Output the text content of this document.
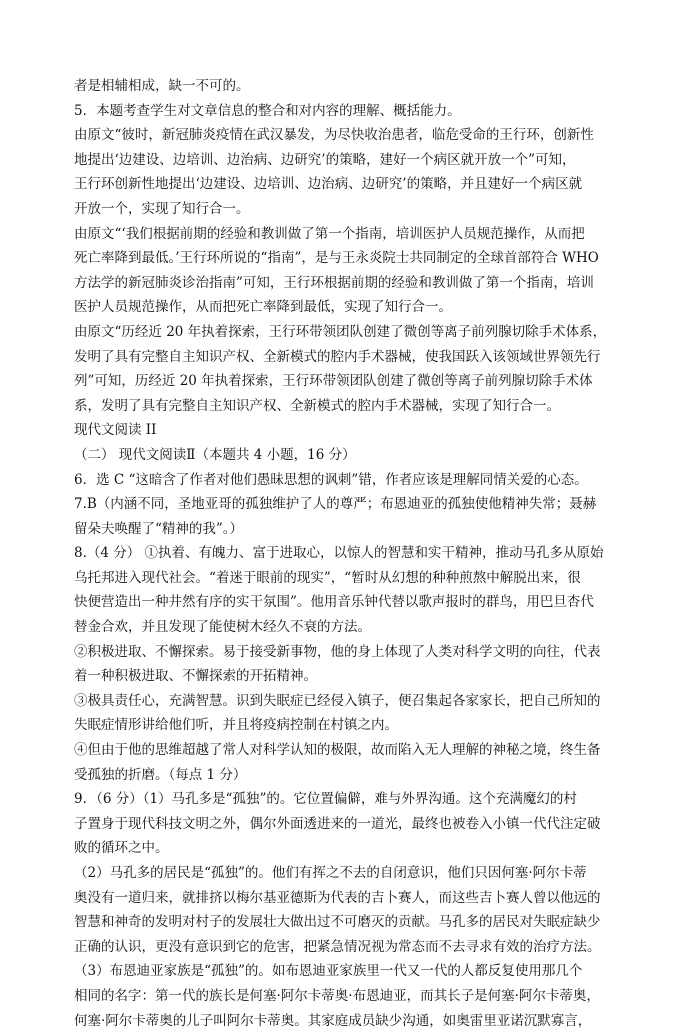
者是相辅相成，缺一不可的。
5．本题考查学生对文章信息的整合和对内容的理解、概括能力。
由原文“彼时，新冠肺炎疫情在武汉暴发，为尽快收治患者，临危受命的王行环，创新性
地提出‘边建设、边培训、边治病、边研究’的策略，建好一个病区就开放一个”可知，
王行环创新性地提出‘边建设、边培训、边治病、边研究’的策略，并且建好一个病区就
开放一个，实现了知行合一。
由原文“‘我们根据前期的经验和教训做了第一个指南，培训医护人员规范操作，从而把
死亡率降到最低。’王行环所说的“指南”，是与王永炎院士共同制定的全球首部符合 WHO
方法学的新冠肺炎诊治指南”可知，王行环根据前期的经验和教训做了第一个指南，培训
医护人员规范操作，从而把死亡率降到最低，实现了知行合一。
由原文“历经近 20 年执着探索，王行环带领团队创建了微创等离子前列腺切除手术体系，
发明了具有完整自主知识产权、全新模式的腔内手术器械，使我国跃入该领域世界领先行
列”可知，历经近 20 年执着探索，王行环带领团队创建了微创等离子前列腺切除手术体
系，发明了具有完整自主知识产权、全新模式的腔内手术器械，实现了知行合一。
现代文阅读 II
（二） 现代文阅读Ⅱ（本题共 4 小题，16 分）
6．选 C “这暗含了作者对他们愚昧思想的讽刺”错，作者应该是理解同情关爱的心态。
7.B（内涵不同，圣地亚哥的孤独维护了人的尊严；布恩迪亚的孤独使他精神失常；聂赫
留朵夫唤醒了“精神的我”。）
8.（4 分） ①执着、有魄力、富于进取心，以惊人的智慧和实干精神，推动马孔多从原始
乌托邦进入现代社会。“着迷于眼前的现实”，“暂时从幻想的种种煎熬中解脱出来，很
快便营造出一种井然有序的实干氛围”。他用音乐钟代替以歌声报时的群鸟，用巴旦杏代
替金合欢，并且发现了能使树木经久不衰的方法。
②积极进取、不懈探索。易于接受新事物，他的身上体现了人类对科学文明的向往，代表
着一种积极进取、不懈探索的开拓精神。
③极具责任心，充满智慧。识到失眠症已经侵入镇子，便召集起各家家长，把自己所知的
失眠症情形讲给他们听，并且将疫病控制在村镇之内。
④但由于他的思维超越了常人对科学认知的极限，故而陷入无人理解的神秘之境，终生备
受孤独的折磨。（每点 1 分）
9．（6 分）（1）马孔多是“孤独”的。它位置偏僻，难与外界沟通。这个充满魔幻的村
子置身于现代科技文明之外，偶尔外面透进来的一道光，最终也被卷入小镇一代代注定破
败的循环之中。
（2）马孔多的居民是“孤独”的。他们有挥之不去的自闭意识，他们只因何塞·阿尔卡蒂
奥没有一道归来，就排挤以梅尔基亚德斯为代表的吉卜赛人，而这些吉卜赛人曾以他远的
智慧和神奇的发明对村子的发展壮大做出过不可磨灭的贡献。马孔多的居民对失眠症缺少
正确的认识，更没有意识到它的危害，把紧急情况视为常态而不去寻求有效的治疗方法。
（3）布恩迪亚家族是“孤独”的。如布恩迪亚家族里一代又一代的人都反复使用那几个
相同的名字：第一代的族长是何塞·阿尔卡蒂奥·布恩迪亚，而其长子是何塞·阿尔卡蒂奥，
何塞·阿尔卡蒂奥的儿子叫阿尔卡蒂奥。其家庭成员缺少沟通，如奥雷里亚诺沉默寡言，
